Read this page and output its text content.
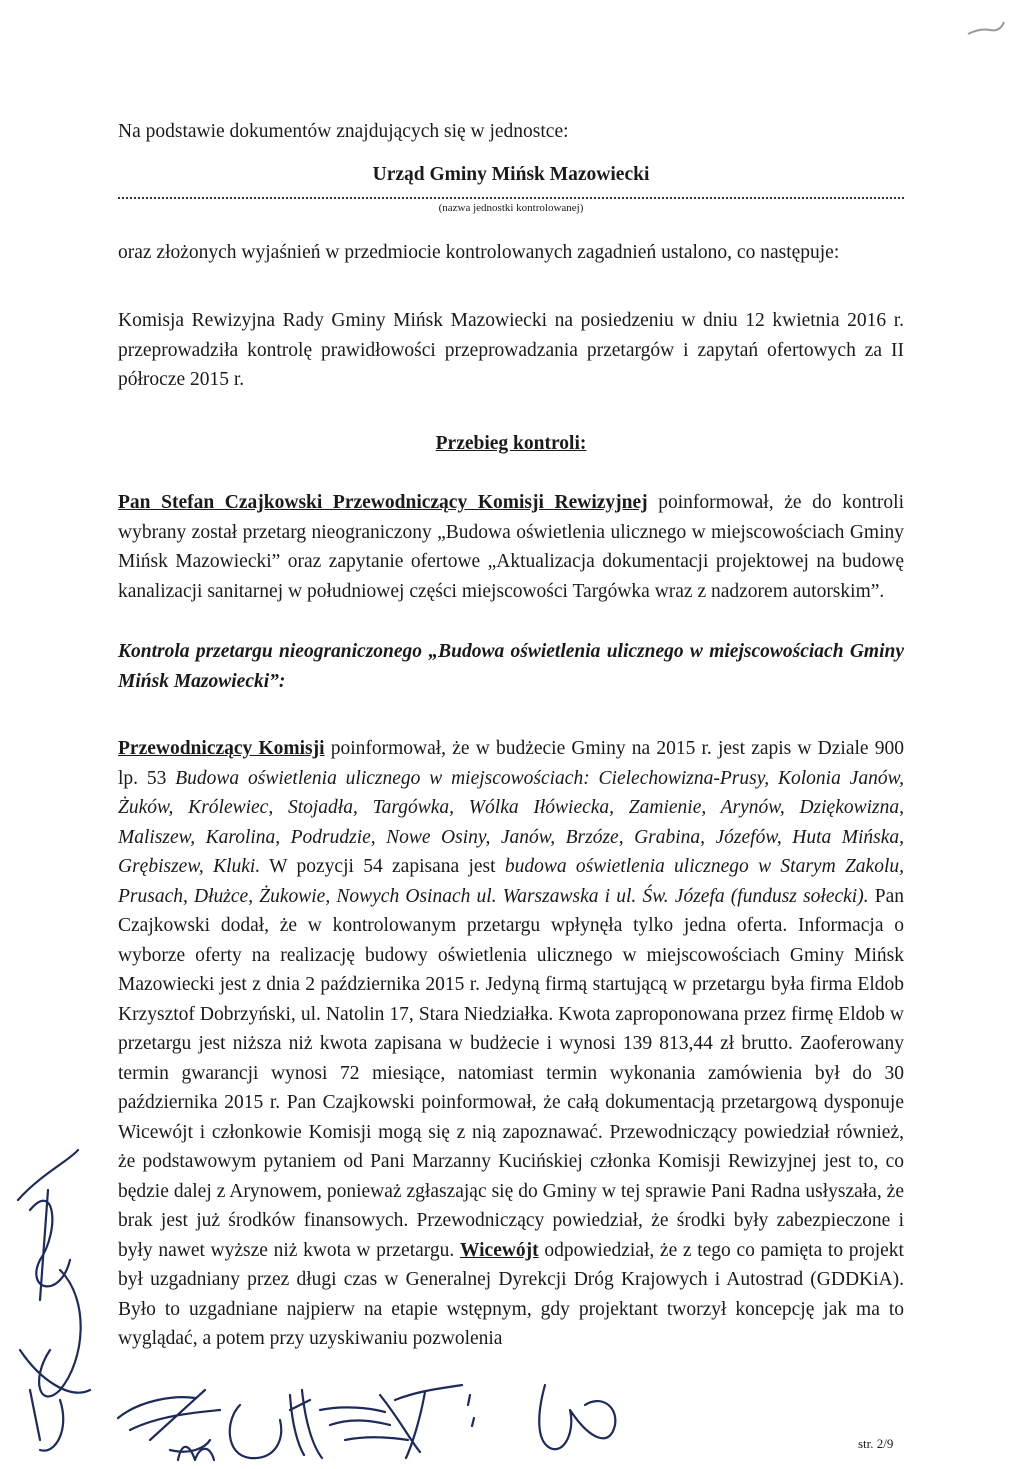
Na podstawie dokumentów znajdujących się w jednostce:

Urząd Gminy Mińsk Mazowiecki
(nazwa jednostki kontrolowanej)

oraz złożonych wyjaśnień w przedmiocie kontrolowanych zagadnień ustalono, co następuje:

Komisja Rewizyjna Rady Gminy Mińsk Mazowiecki na posiedzeniu w dniu 12 kwietnia 2016 r. przeprowadziła kontrolę prawidłowości przeprowadzania przetargów i zapytań ofertowych za II półrocze 2015 r.

Przebieg kontroli:

Pan Stefan Czajkowski Przewodniczący Komisji Rewizyjnej poinformował, że do kontroli wybrany został przetarg nieograniczony „Budowa oświetlenia ulicznego w miejscowościach Gminy Mińsk Mazowiecki” oraz zapytanie ofertowe „Aktualizacja dokumentacji projektowej na budowę kanalizacji sanitarnej w południowej części miejscowości Targówka wraz z nadzorem autorskim”.

Kontrola przetargu nieograniczonego „Budowa oświetlenia ulicznego w miejscowościach Gminy Mińsk Mazowiecki”:

Przewodniczący Komisji poinformował, że w budżecie Gminy na 2015 r. jest zapis w Dziale 900 lp. 53 Budowa oświetlenia ulicznego w miejscowościach: Cielechowizna-Prusy, Kolonia Janów, Żuków, Królewiec, Stojadła, Targówka, Wólka Iłówiecka, Zamienie, Arynów, Dziękowizna, Maliszew, Karolina, Podrudzie, Nowe Osiny, Janów, Brzóze, Grabina, Józefów, Huta Mińska, Grębiszew, Kluki. W pozycji 54 zapisana jest budowa oświetlenia ulicznego w Starym Zakolu, Prusach, Dłużce, Żukowie, Nowych Osinach ul. Warszawska i ul. Św. Józefa (fundusz sołecki). Pan Czajkowski dodał, że w kontrolowanym przetargu wpłynęła tylko jedna oferta. Informacja o wyborze oferty na realizację budowy oświetlenia ulicznego w miejscowościach Gminy Mińsk Mazowiecki jest z dnia 2 października 2015 r. Jedyną firmą startującą w przetargu była firma Eldob Krzysztof Dobrzyński, ul. Natolin 17, Stara Niedziałka. Kwota zaproponowana przez firmę Eldob w przetargu jest niższa niż kwota zapisana w budżecie i wynosi 139 813,44 zł brutto. Zaoferowany termin gwarancji wynosi 72 miesiące, natomiast termin wykonania zamówienia był do 30 października 2015 r. Pan Czajkowski poinformował, że całą dokumentacją przetargową dysponuje Wicewójt i członkowie Komisji mogą się z nią zapoznawać. Przewodniczący powiedział również, że podstawowym pytaniem od Pani Marzanny Kucińskiej członka Komisji Rewizyjnej jest to, co będzie dalej z Arynowem, ponieważ zgłaszając się do Gminy w tej sprawie Pani Radna usłyszała, że brak jest już środków finansowych. Przewodniczący powiedział, że środki były zabezpieczone i były nawet wyższe niż kwota w przetargu. Wicewójt odpowiedział, że z tego co pamięta to projekt był uzgadniany przez długi czas w Generalnej Dyrekcji Dróg Krajowych i Autostrad (GDDKiA). Było to uzgadniane najpierw na etapie wstępnym, gdy projektant tworzył koncepcję jak ma to wyglądać, a potem przy uzyskiwaniu pozwolenia

str. 2/9
